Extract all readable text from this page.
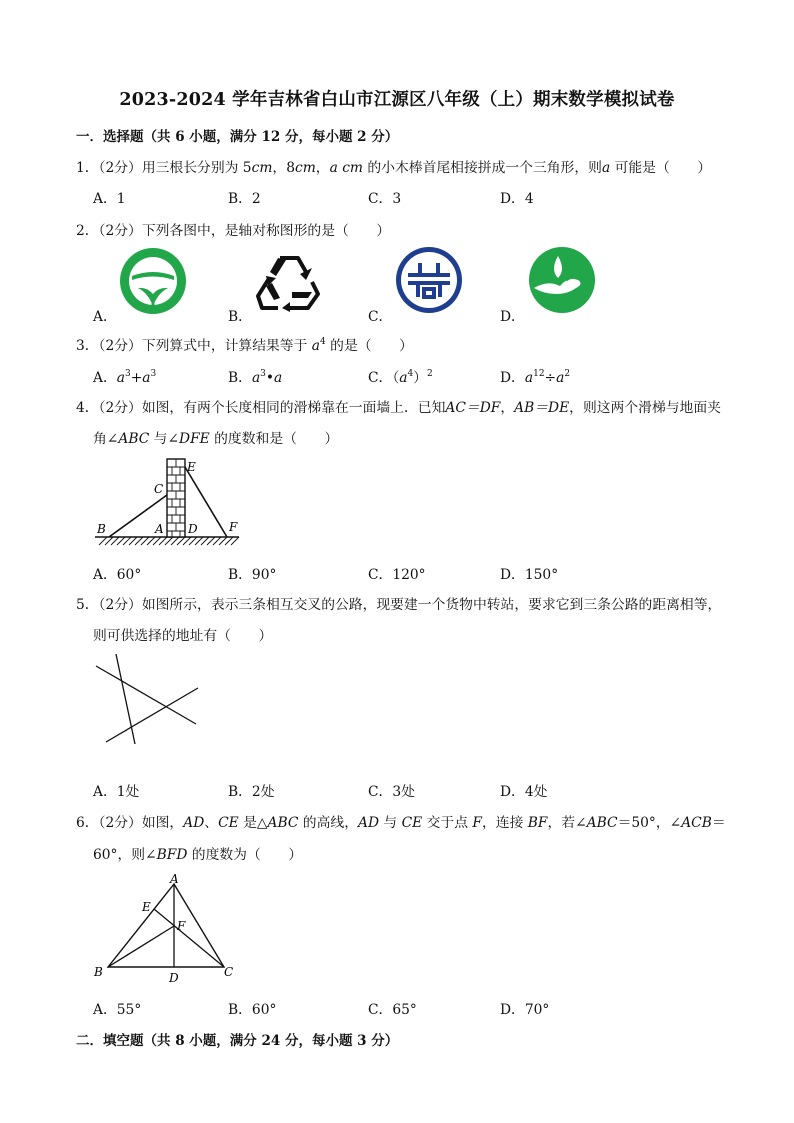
2023-2024 学年吉林省白山市江源区八年级（上）期末数学模拟试卷
一．选择题（共 6 小题，满分 12 分，每小题 2 分）
1．（2分）用三根长分别为 5cm，8cm，a cm 的小木棒首尾相接拼成一个三角形，则a 可能是（　　）
A．1	B．2	C．3	D．4
2．（2分）下列各图中，是轴对称图形的是（　　）
A．	B．	C．	D．
3．（2分）下列算式中，计算结果等于 $a^4$ 的是（　　）
A．$a^3+a^3$	B．$a^3•a$	C．$(a^4)^2$	D．$a^{12}\div a^2$
4．（2分）如图，有两个长度相同的滑梯靠在一面墙上．已知AC＝DF，AB＝DE，则这两个滑梯与地面夹
角∠ABC 与∠DFE 的度数和是（　　）
B	A
C
D
E
F
A．60°	B．90°	C．120°	D．150°
5．（2分）如图所示，表示三条相互交叉的公路，现要建一个货物中转站，要求它到三条公路的距离相等，
则可供选择的地址有（　　）
A．1处	B．2处	C．3处	D．4处
6．（2分）如图，AD、CE 是△ABC 的高线，AD 与 CE 交于点 F，连接 BF，若∠ABC＝50°，∠ACB＝
60°，则∠BFD 的度数为（　　）
A
E
F
B	D	C
A．55°	B．60°	C．65°	D．70°
二．填空题（共 8 小题，满分 24 分，每小题 3 分）
